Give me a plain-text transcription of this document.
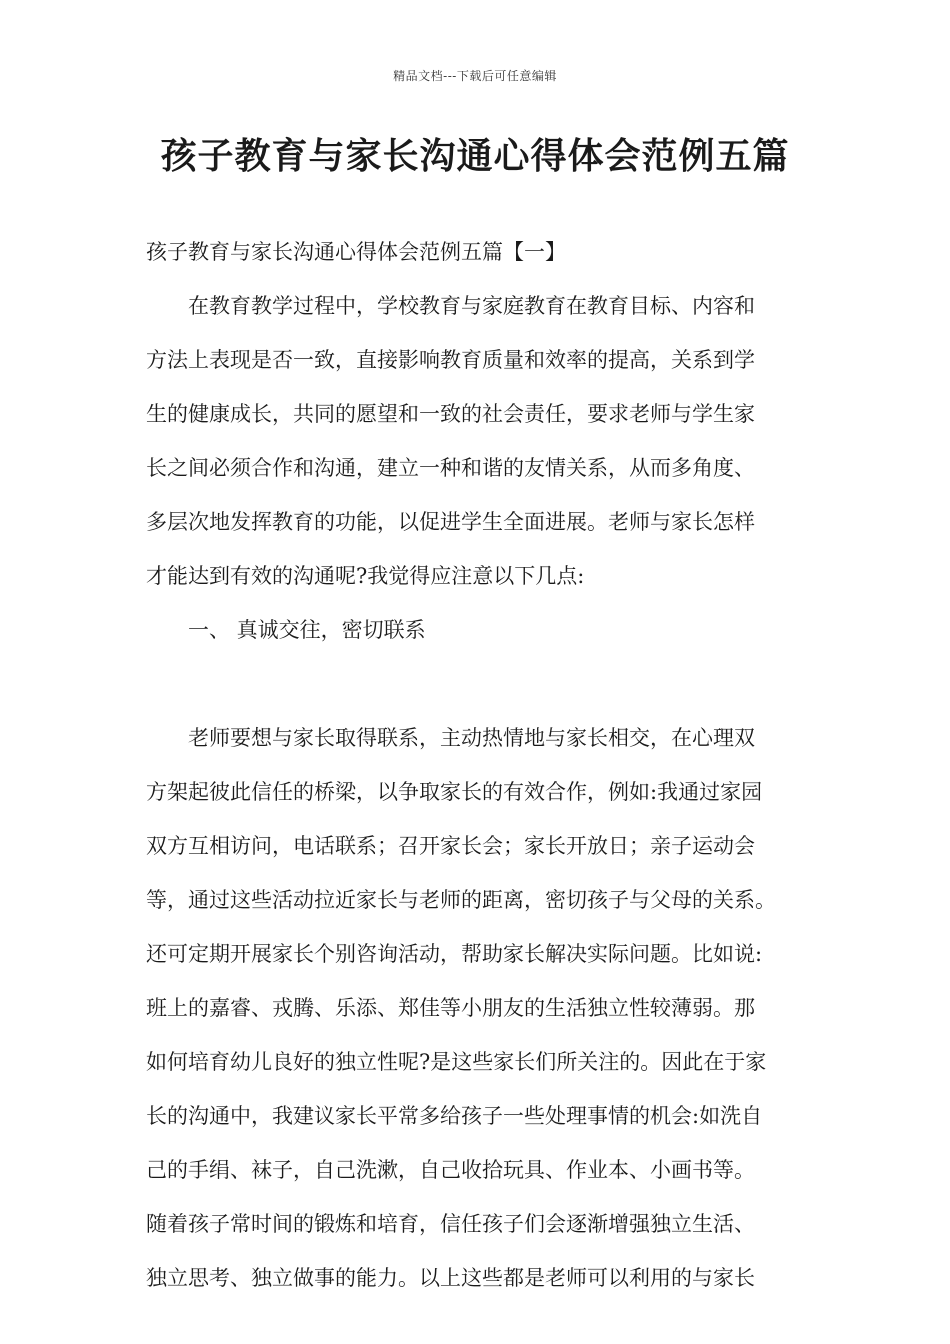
精品文档---下载后可任意编辑
孩子教育与家长沟通心得体会范例五篇
孩子教育与家长沟通心得体会范例五篇【一】
在教育教学过程中，学校教育与家庭教育在教育目标、内容和
方法上表现是否一致，直接影响教育质量和效率的提高，关系到学
生的健康成长，共同的愿望和一致的社会责任，要求老师与学生家
长之间必须合作和沟通，建立一种和谐的友情关系，从而多角度、
多层次地发挥教育的功能，以促进学生全面进展。老师与家长怎样
才能达到有效的沟通呢?我觉得应注意以下几点:
一、 真诚交往，密切联系
老师要想与家长取得联系，主动热情地与家长相交，在心理双
方架起彼此信任的桥梁，以争取家长的有效合作，例如:我通过家园
双方互相访问，电话联系；召开家长会；家长开放日；亲子运动会
等，通过这些活动拉近家长与老师的距离，密切孩子与父母的关系。
还可定期开展家长个别咨询活动，帮助家长解决实际问题。比如说:
班上的嘉睿、戎腾、乐添、郑佳等小朋友的生活独立性较薄弱。那
如何培育幼儿良好的独立性呢?是这些家长们所关注的。因此在于家
长的沟通中，我建议家长平常多给孩子一些处理事情的机会:如洗自
己的手绢、袜子，自己洗漱，自己收拾玩具、作业本、小画书等。
随着孩子常时间的锻炼和培育，信任孩子们会逐渐增强独立生活、
独立思考、独立做事的能力。以上这些都是老师可以利用的与家长
